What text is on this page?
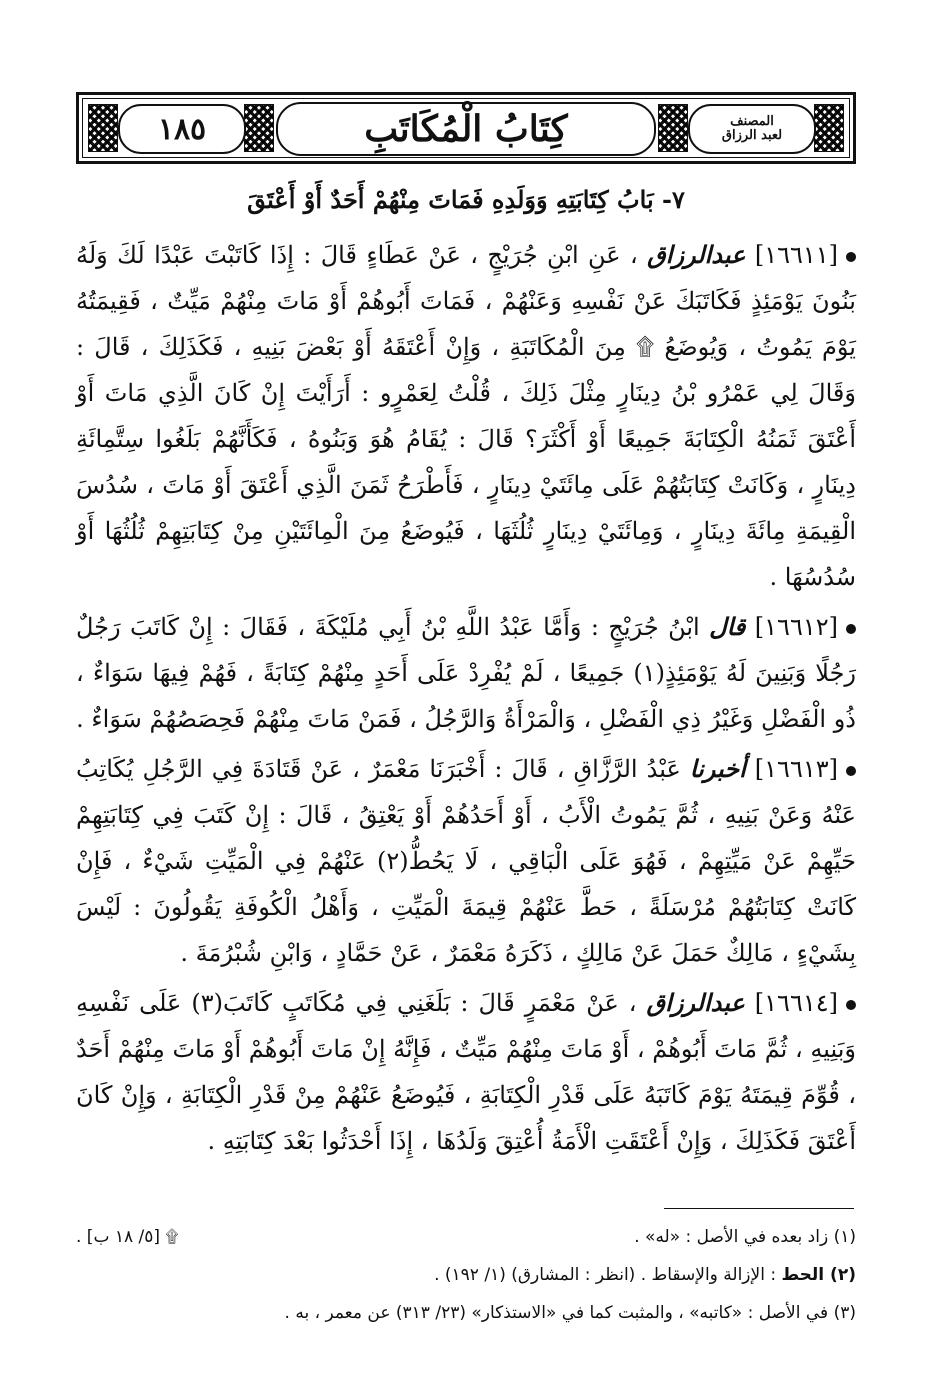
١٨٥	كِتَابُ الْمُكَاتَبِ	المصنف
لعبد الرزاق
٧- بَابُ كِتَابَتِهِ وَوَلَدِهِ فَمَاتَ مِنْهُمْ أَحَدٌ أَوْ أَعْتَقَ

[١٦٦١١] عبدالرزاق ، عَنِ ابْنِ جُرَيْجٍ ، عَنْ عَطَاءٍ قَالَ : إِذَا كَاتَبْتَ عَبْدًا لَكَ وَلَهُ بَنُونَ يَوْمَئِذٍ فَكَاتَبَكَ عَنْ نَفْسِهِ وَعَنْهُمْ ، فَمَاتَ أَبُوهُمْ أَوْ مَاتَ مِنْهُمْ مَيِّتٌ ، فَقِيمَتُهُ يَوْمَ يَمُوتُ ، وَيُوضَعُ ۩ مِنَ الْمُكَاتَبَةِ ، وَإِنْ أَعْتَقَهُ أَوْ بَعْضَ بَنِيهِ ، فَكَذَلِكَ ، قَالَ : وَقَالَ لِي عَمْرُو بْنُ دِينَارٍ مِثْلَ ذَلِكَ ، قُلْتُ لِعَمْرٍو : أَرَأَيْتَ إِنْ كَانَ الَّذِي مَاتَ أَوْ أَعْتَقَ ثَمَنُهُ الْكِتَابَةَ جَمِيعًا أَوْ أَكْثَرَ؟ قَالَ : يُقَامُ هُوَ وَبَنُوهُ ، فَكَأَنَّهُمْ بَلَغُوا سِتَّمِائَةِ دِينَارٍ ، وَكَانَتْ كِتَابَتُهُمْ عَلَى مِائَتَيْ دِينَارٍ ، فَأَطْرَحُ ثَمَنَ الَّذِي أَعْتَقَ أَوْ مَاتَ ، سُدُسَ الْقِيمَةِ مِائَةَ دِينَارٍ ، وَمِائَتَيْ دِينَارٍ ثُلُثَهَا ، فَيُوضَعُ مِنَ الْمِائَتَيْنِ مِنْ كِتَابَتِهِمْ ثُلُثُهَا أَوْ سُدُسُهَا .

[١٦٦١٢] قال ابْنُ جُرَيْجٍ : وَأَمَّا عَبْدُ اللَّهِ بْنُ أَبِي مُلَيْكَةَ ، فَقَالَ : إِنْ كَاتَبَ رَجُلٌ رَجُلًا وَبَنِينَ لَهُ يَوْمَئِذٍ(١) جَمِيعًا ، لَمْ يُفْرِدْ عَلَى أَحَدٍ مِنْهُمْ كِتَابَةً ، فَهُمْ فِيهَا سَوَاءٌ ، ذُو الْفَضْلِ وَغَيْرُ ذِي الْفَضْلِ ، وَالْمَرْأَةُ وَالرَّجُلُ ، فَمَنْ مَاتَ مِنْهُمْ فَحِصَصُهُمْ سَوَاءٌ .

[١٦٦١٣] أخبرنا عَبْدُ الرَّزَّاقِ ، قَالَ : أَخْبَرَنَا مَعْمَرٌ ، عَنْ قَتَادَةَ فِي الرَّجُلِ يُكَاتِبُ عَنْهُ وَعَنْ بَنِيهِ ، ثُمَّ يَمُوتُ الْأَبُ ، أَوْ أَحَدُهُمْ أَوْ يَعْتِقُ ، قَالَ : إِنْ كَتَبَ فِي كِتَابَتِهِمْ حَيِّهِمْ عَنْ مَيِّتِهِمْ ، فَهُوَ عَلَى الْبَاقِي ، لَا يَحُطُّ(٢) عَنْهُمْ فِي الْمَيِّتِ شَيْءٌ ، فَإِنْ كَانَتْ كِتَابَتُهُمْ مُرْسَلَةً ، حَطَّ عَنْهُمْ قِيمَةَ الْمَيِّتِ ، وَأَهْلُ الْكُوفَةِ يَقُولُونَ : لَيْسَ بِشَيْءٍ ، مَالِكٌ حَمَلَ عَنْ مَالِكٍ ، ذَكَرَهُ مَعْمَرٌ ، عَنْ حَمَّادٍ ، وَابْنِ شُبْرُمَةَ .

[١٦٦١٤] عبدالرزاق ، عَنْ مَعْمَرٍ قَالَ : بَلَغَنِي فِي مُكَاتَبٍ كَاتَبَ(٣) عَلَى نَفْسِهِ وَبَنِيهِ ، ثُمَّ مَاتَ أَبُوهُمْ ، أَوْ مَاتَ مِنْهُمْ مَيِّتٌ ، فَإِنَّهُ إِنْ مَاتَ أَبُوهُمْ أَوْ مَاتَ مِنْهُمْ أَحَدٌ ، قُوِّمَ قِيمَتَهُ يَوْمَ كَاتَبَهُ عَلَى قَدْرِ الْكِتَابَةِ ، فَيُوضَعُ عَنْهُمْ مِنْ قَدْرِ الْكِتَابَةِ ، وَإِنْ كَانَ أَعْتَقَ فَكَذَلِكَ ، وَإِنْ أَعْتَقَتِ الْأَمَةُ أُعْتِقَ وَلَدُهَا ، إِذَا أَحْدَثُوا بَعْدَ كِتَابَتِهِ .

(١) زاد بعده في الأصل : «له» .
۩ [٥/ ١٨ ب] .
(٢) الحط : الإزالة والإسقاط . (انظر : المشارق) (١/ ١٩٢) .
(٣) في الأصل : «كاتبه» ، والمثبت كما في «الاستذكار» (٢٣/ ٣١٣) عن معمر ، به .
